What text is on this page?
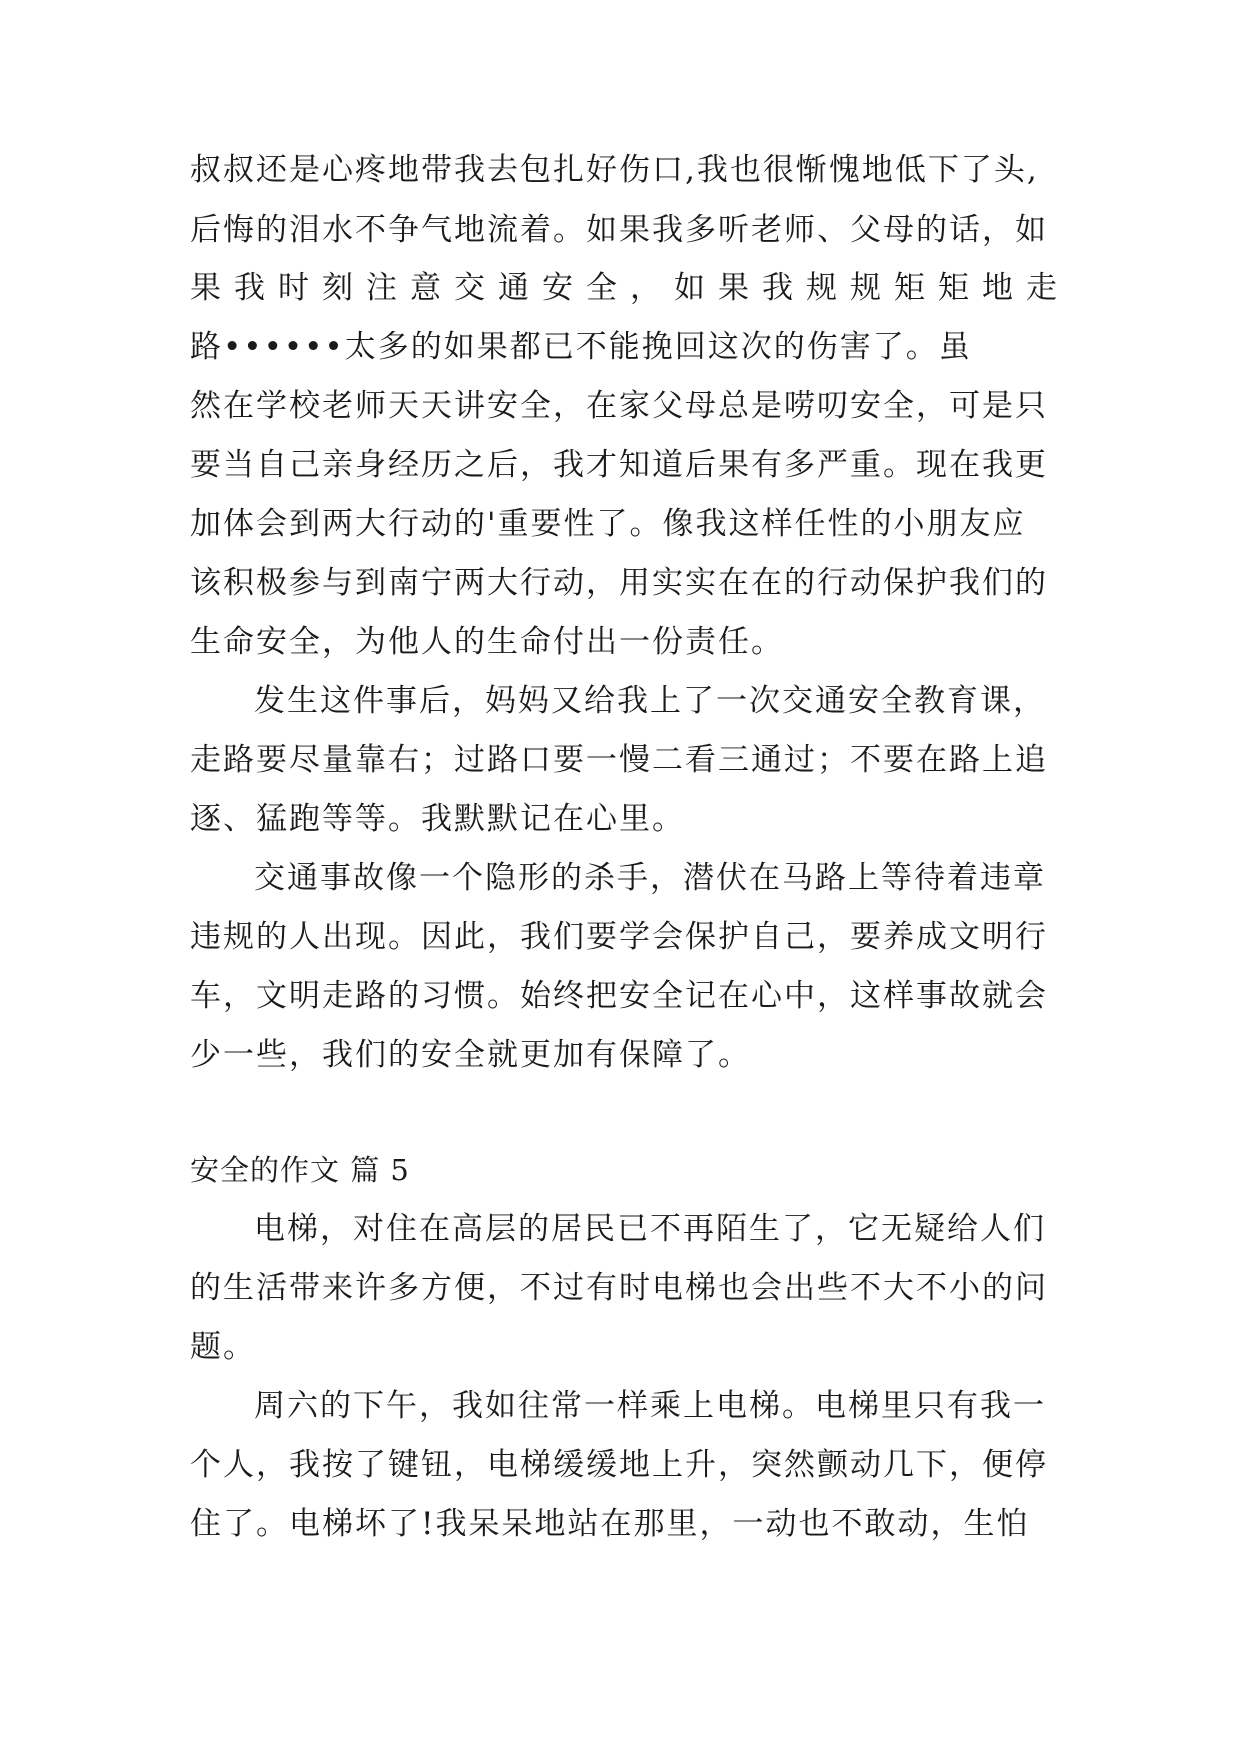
叔叔还是心疼地带我去包扎好伤口,我也很惭愧地低下了头,
后悔的泪水不争气地流着。如果我多听老师、父母的话，如
果我时刻注意交通安全，如果我规规矩矩地走
路••••••太多的如果都已不能挽回这次的伤害了。虽
然在学校老师天天讲安全，在家父母总是唠叨安全，可是只
要当自己亲身经历之后，我才知道后果有多严重。现在我更
加体会到两大行动的'重要性了。像我这样任性的小朋友应
该积极参与到南宁两大行动，用实实在在的行动保护我们的
生命安全，为他人的生命付出一份责任。
发生这件事后，妈妈又给我上了一次交通安全教育课，
走路要尽量靠右；过路口要一慢二看三通过；不要在路上追
逐、猛跑等等。我默默记在心里。
交通事故像一个隐形的杀手，潜伏在马路上等待着违章
违规的人出现。因此，我们要学会保护自己，要养成文明行
车，文明走路的习惯。始终把安全记在心中，这样事故就会
少一些，我们的安全就更加有保障了。
安全的作文 篇 5
电梯，对住在高层的居民已不再陌生了，它无疑给人们
的生活带来许多方便，不过有时电梯也会出些不大不小的问
题。
周六的下午，我如往常一样乘上电梯。电梯里只有我一
个人，我按了键钮，电梯缓缓地上升，突然颤动几下，便停
住了。电梯坏了!我呆呆地站在那里，一动也不敢动，生怕
